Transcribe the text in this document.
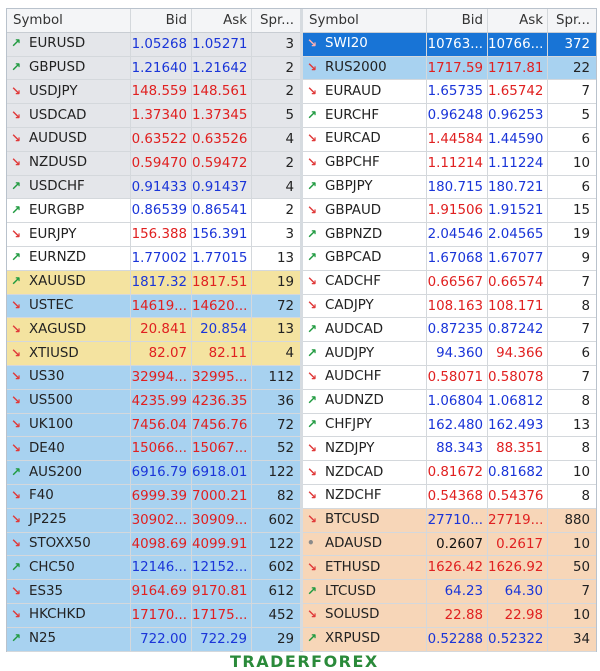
Symbol	Bid	Ask Spr...
↗ EURUSD	1.05268 1.05271	3
↗ GBPUSD	1.21640 1.21642	2
↘ USDJPY	148.559 148.561	2
↘ USDCAD	1.37340 1.37345	5
↘ AUDUSD	0.63522 0.63526	4
↘ NZDUSD	0.59470 0.59472	2
↗ USDCHF	0.91433 0.91437	4
↗ EURGBP	0.86539 0.86541	2
↘ EURJPY	156.388 156.391	3
↗ EURNZD	1.77002 1.77015	13
↗ XAUUSD	1817.32 1817.51	19
↘ USTEC	14619... 14620...	72
↘ XAGUSD	20.841 20.854	13
↘ XTIUSD	82.07	82.11	4
↘ US30	32994... 32995...	112
↘ US500	4235.99 4236.35	36
↘ UK100	7456.04 7456.76	72
↘ DE40	15066... 15067...	52
↗ AUS200	6916.79 6918.01	122
↘ F40	6999.39 7000.21	82
↘ JP225	30902... 30909...	602
↘ STOXX50	4098.69 4099.91	122
↗ CHC50	12146... 12152...	602
↘ ES35	9164.69 9170.81	612
↘ HKCHKD	17170... 17175...	452
↗ N25	722.00 722.29	29
Symbol	Bid	Ask Spr...
↘ SWI20	10763... 10766...	372
↘ RUS2000	1717.59 1717.81	22
↘ EURAUD	1.65735 1.65742	7
↗ EURCHF	0.96248 0.96253	5
↘ EURCAD	1.44584 1.44590	6
↘ GBPCHF	1.11214 1.11224	10
↗ GBPJPY	180.715 180.721	6
↘ GBPAUD	1.91506 1.91521	15
↗ GBPNZD	2.04546 2.04565	19
↗ GBPCAD	1.67068 1.67077	9
↘ CADCHF	0.66567 0.66574	7
↘ CADJPY	108.163 108.171	8
↗ AUDCAD	0.87235 0.87242	7
↗ AUDJPY	94.360 94.366	6
↘ AUDCHF	0.58071 0.58078	7
↗ AUDNZD	1.06804 1.06812	8
↗ CHFJPY	162.480 162.493	13
↘ NZDJPY	88.343 88.351	8
↘ NZDCAD	0.81672 0.81682	10
↘ NZDCHF	0.54368 0.54376	8
↘ BTCUSD	27710... 27719...	880
• ADAUSD	0.2607 0.2617	10
↘ ETHUSD	1626.42 1626.92	50
↗ LTCUSD	64.23	64.30	7
↘ SOLUSD	22.88	22.98	10
↗ XRPUSD	0.52288 0.52322	34
TRADERFOREX
